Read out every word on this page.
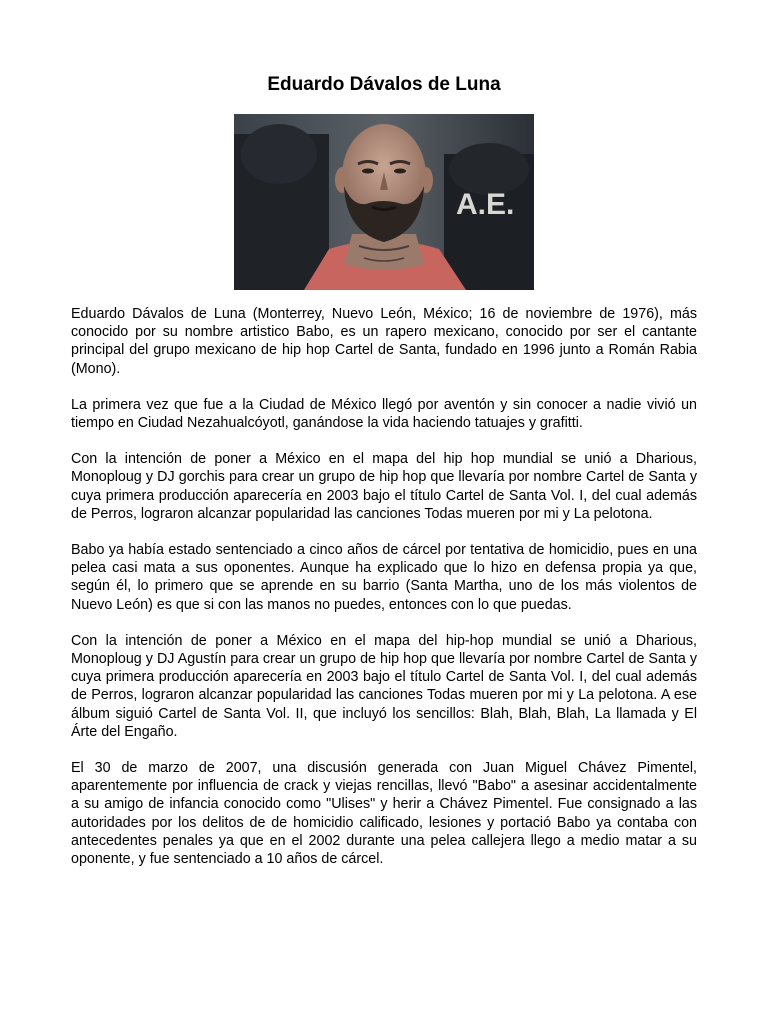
Eduardo Dávalos de Luna
A.E.

Eduardo Dávalos de Luna (Monterrey, Nuevo León, México; 16 de noviembre de 1976), más conocido por su nombre artistico Babo, es un rapero mexicano, conocido por ser el cantante principal del grupo mexicano de hip hop Cartel de Santa, fundado en 1996 junto a Román Rabia (Mono).

La primera vez que fue a la Ciudad de México llegó por aventón y sin conocer a nadie vivió un tiempo en Ciudad Nezahualcóyotl, ganándose la vida haciendo tatuajes y grafitti.

Con la intención de poner a México en el mapa del hip hop mundial se unió a Dharious, Monoploug y DJ gorchis para crear un grupo de hip hop que llevaría por nombre Cartel de Santa y cuya primera producción aparecería en 2003 bajo el título Cartel de Santa Vol. I, del cual además de Perros, lograron alcanzar popularidad las canciones Todas mueren por mi y La pelotona.

Babo ya había estado sentenciado a cinco años de cárcel por tentativa de homicidio, pues en una pelea casi mata a sus oponentes. Aunque ha explicado que lo hizo en defensa propia ya que, según él, lo primero que se aprende en su barrio (Santa Martha, uno de los más violentos de Nuevo León) es que si con las manos no puedes, entonces con lo que puedas.

Con la intención de poner a México en el mapa del hip-hop mundial se unió a Dharious, Monoploug y DJ Agustín para crear un grupo de hip hop que llevaría por nombre Cartel de Santa y cuya primera producción aparecería en 2003 bajo el título Cartel de Santa Vol. I, del cual además de Perros, lograron alcanzar popularidad las canciones Todas mueren por mi y La pelotona. A ese álbum siguió Cartel de Santa Vol. II, que incluyó los sencillos: Blah, Blah, Blah, La llamada y El Árte del Engaño.

El 30 de marzo de 2007, una discusión generada con Juan Miguel Chávez Pimentel, aparentemente por influencia de crack y viejas rencillas, llevó "Babo" a asesinar accidentalmente a su amigo de infancia conocido como "Ulises" y herir a Chávez Pimentel. Fue consignado a las autoridades por los delitos de de homicidio calificado, lesiones y portació Babo ya contaba con antecedentes penales ya que en el 2002 durante una pelea callejera llego a medio matar a su oponente, y fue sentenciado a 10 años de cárcel.
